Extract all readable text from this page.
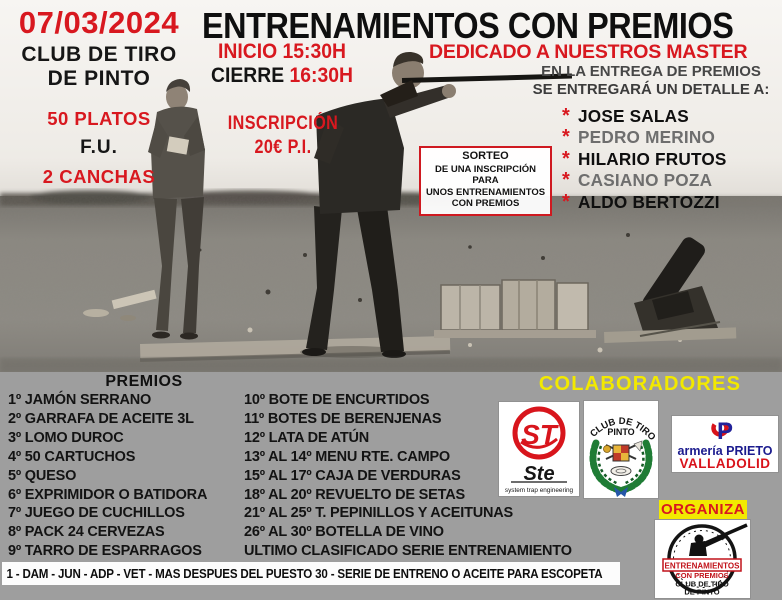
07/03/2024
CLUB DE TIRO
DE PINTO
50 PLATOS
F.U.
2 CANCHAS
ENTRENAMIENTOS CON PREMIOS
INICIO 15:30H
CIERRE 16:30H
INSCRIPCIÓN
20€ P.I.
DEDICADO A NUESTROS MASTER
EN LA ENTREGA DE PREMIOS
SE ENTREGARÁ UN DETALLE A:
* JOSE SALAS
* PEDRO MERINO
* HILARIO FRUTOS
* CASIANO POZA
* ALDO BERTOZZI
SORTEO
DE UNA INSCRIPCIÓN PARA
UNOS ENTRENAMIENTOS
CON PREMIOS
PREMIOS
1º JAMÓN SERRANO
2º GARRAFA DE ACEITE 3L
3º LOMO DUROC
4º 50 CARTUCHOS
5º QUESO
6º EXPRIMIDOR O BATIDORA
7º JUEGO DE CUCHILLOS
8º PACK 24 CERVEZAS
9º TARRO DE ESPARRAGOS
10º BOTE DE ENCURTIDOS
11º BOTES DE BERENJENAS
12º LATA DE ATÚN
13º AL 14º MENU RTE. CAMPO
15º AL 17º CAJA DE VERDURAS
18º AL 20º REVUELTO DE SETAS
21º AL 25º T. PEPINILLOS Y ACEITUNAS
26º AL 30º BOTELLA DE VINO
ULTIMO CLASIFICADO SERIE ENTRENAMIENTO
COLABORADORES
ST
Ste
system trap engineering
CLUB DE TIRO
PINTO	P
armería PRIETO
VALLADOLID
ORGANIZA
ENTRENAMIENTOS
CON PREMIOS
CLUB DE TIRO
DE PINTO
1 - DAM - JUN - ADP - VET - MAS DESPUES DEL PUESTO 30 - SERIE DE ENTRENO O ACEITE PARA ESCOPETA
